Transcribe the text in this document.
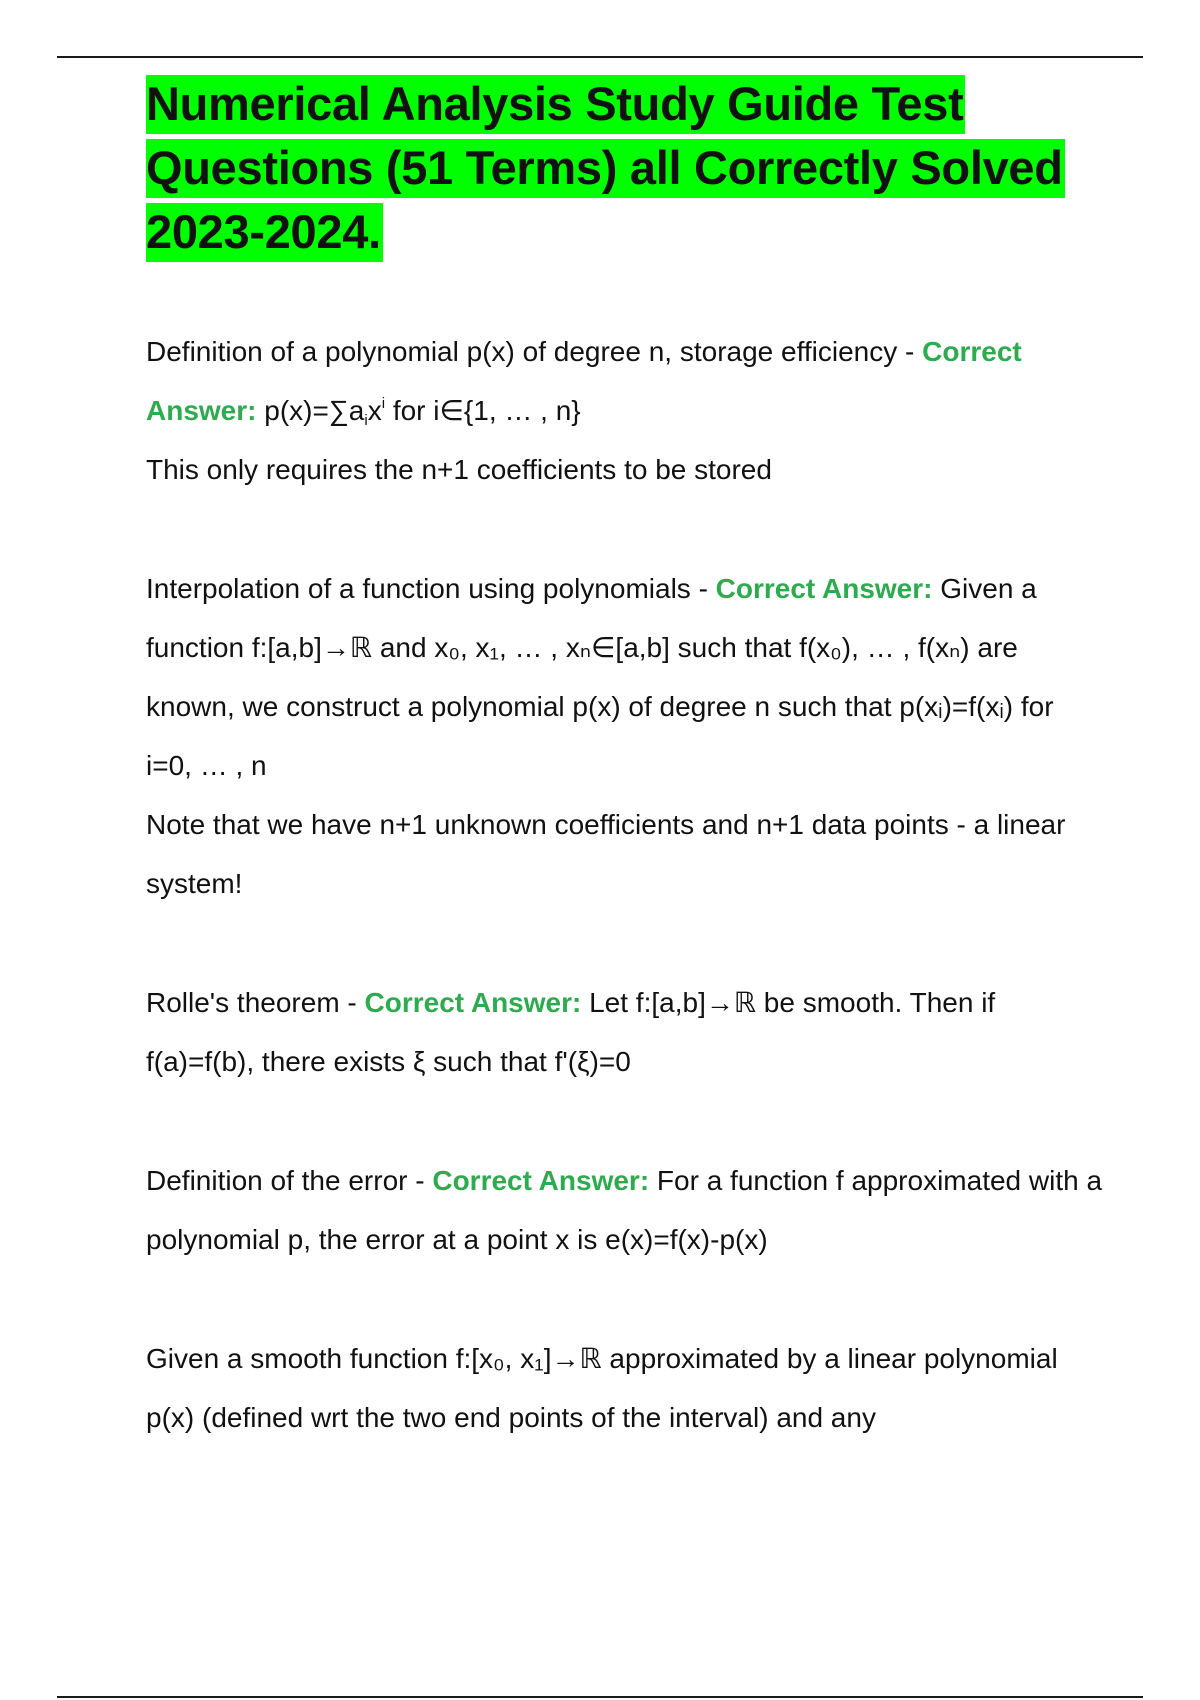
Numerical Analysis Study Guide Test Questions (51 Terms) all Correctly Solved 2023-2024.

Definition of a polynomial p(x) of degree n, storage efficiency - Correct Answer: p(x)=∑aix$^i$ for i∈{1, … , n}

This only requires the n+1 coefficients to be stored

Interpolation of a function using polynomials - Correct Answer: Given a function f:[a,b]→ℝ and x₀, x₁, … , xₙ∈[a,b] such that f(x₀), … , f(xₙ) are known, we construct a polynomial p(x) of degree n such that p(xᵢ)=f(xᵢ) for i=0, … , n

Note that we have n+1 unknown coefficients and n+1 data points - a linear system!

Rolle's theorem - Correct Answer: Let f:[a,b]→ℝ be smooth. Then if f(a)=f(b), there exists ξ such that f'(ξ)=0

Definition of the error - Correct Answer: For a function f approximated with a polynomial p, the error at a point x is e(x)=f(x)-p(x)

Given a smooth function f:[x₀, x₁]→ℝ approximated by a linear polynomial p(x) (defined wrt the two end points of the interval) and any
